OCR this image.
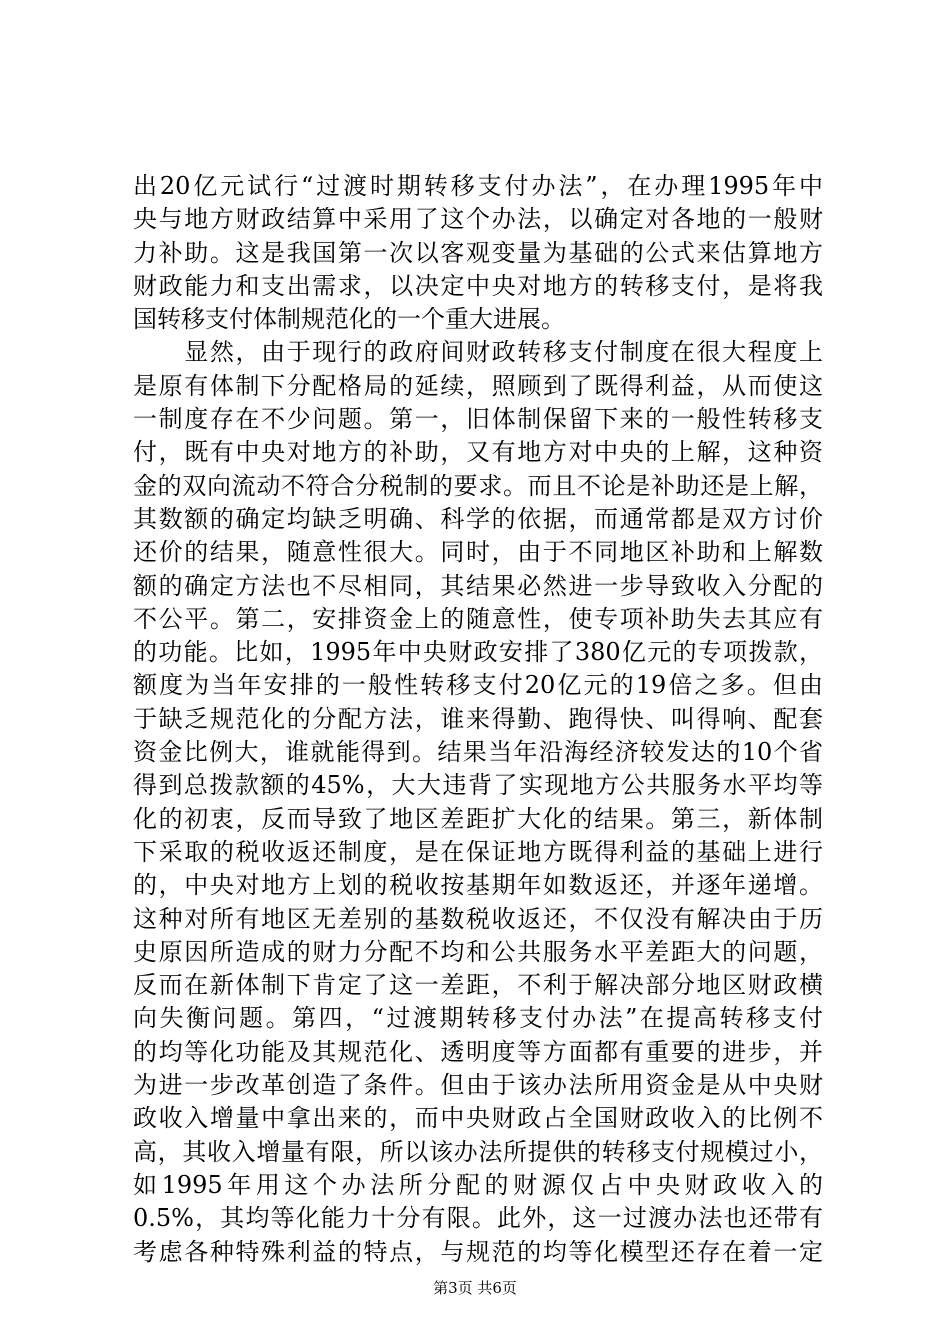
出20亿元试行“过渡时期转移支付办法”，在办理1995年中
央与地方财政结算中采用了这个办法，以确定对各地的一般财
力补助。这是我国第一次以客观变量为基础的公式来估算地方
财政能力和支出需求，以决定中央对地方的转移支付，是将我
国转移支付体制规范化的一个重大进展。
　　显然，由于现行的政府间财政转移支付制度在很大程度上
是原有体制下分配格局的延续，照顾到了既得利益，从而使这
一制度存在不少问题。第一，旧体制保留下来的一般性转移支
付，既有中央对地方的补助，又有地方对中央的上解，这种资
金的双向流动不符合分税制的要求。而且不论是补助还是上解，
其数额的确定均缺乏明确、科学的依据，而通常都是双方讨价
还价的结果，随意性很大。同时，由于不同地区补助和上解数
额的确定方法也不尽相同，其结果必然进一步导致收入分配的
不公平。第二，安排资金上的随意性，使专项补助失去其应有
的功能。比如，1995年中央财政安排了380亿元的专项拨款，
额度为当年安排的一般性转移支付20亿元的19倍之多。但由
于缺乏规范化的分配方法，谁来得勤、跑得快、叫得响、配套
资金比例大，谁就能得到。结果当年沿海经济较发达的10个省
得到总拨款额的45%，大大违背了实现地方公共服务水平均等
化的初衷，反而导致了地区差距扩大化的结果。第三，新体制
下采取的税收返还制度，是在保证地方既得利益的基础上进行
的，中央对地方上划的税收按基期年如数返还，并逐年递增。
这种对所有地区无差别的基数税收返还，不仅没有解决由于历
史原因所造成的财力分配不均和公共服务水平差距大的问题，
反而在新体制下肯定了这一差距，不利于解决部分地区财政横
向失衡问题。第四，“过渡期转移支付办法”在提高转移支付
的均等化功能及其规范化、透明度等方面都有重要的进步，并
为进一步改革创造了条件。但由于该办法所用资金是从中央财
政收入增量中拿出来的，而中央财政占全国财政收入的比例不
高，其收入增量有限，所以该办法所提供的转移支付规模过小，
如1995年用这个办法所分配的财源仅占中央财政收入的
0.5%，其均等化能力十分有限。此外，这一过渡办法也还带有
考虑各种特殊利益的特点，与规范的均等化模型还存在着一定
第3页 共6页
